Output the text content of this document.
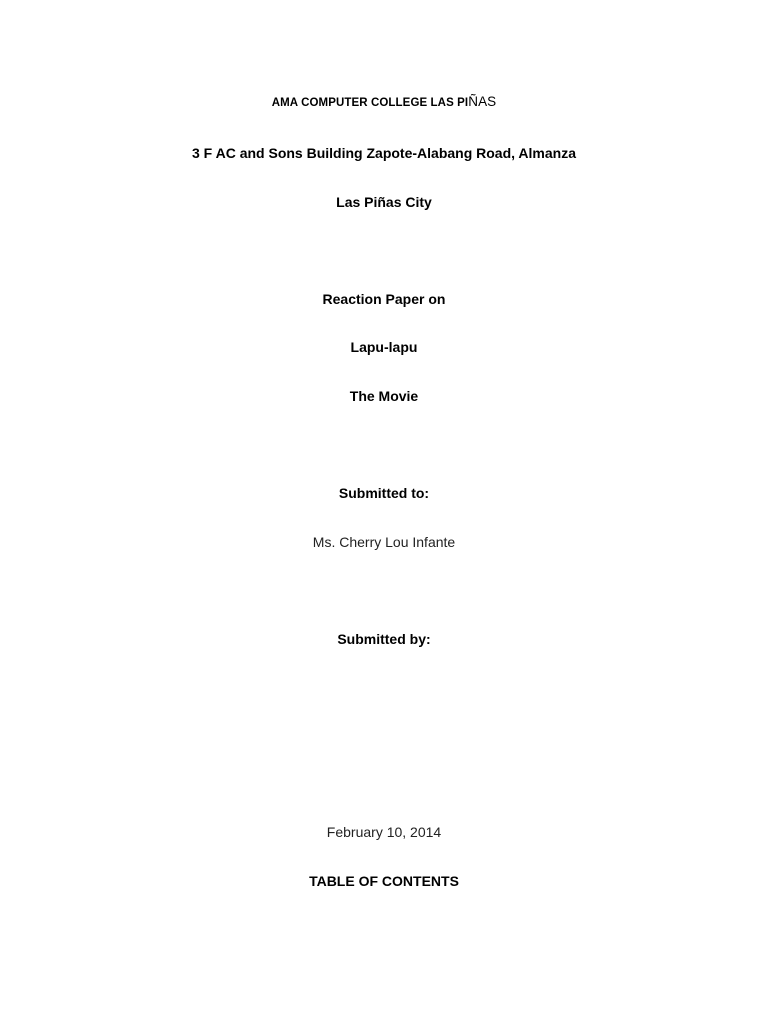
AMA COMPUTER COLLEGE LAS PIÑAS
3 F AC and Sons Building Zapote-Alabang Road, Almanza
Las Piñas City
Reaction Paper on
Lapu-lapu
The Movie
Submitted to:
Ms. Cherry Lou Infante
Submitted by:
February 10, 2014
TABLE OF CONTENTS
